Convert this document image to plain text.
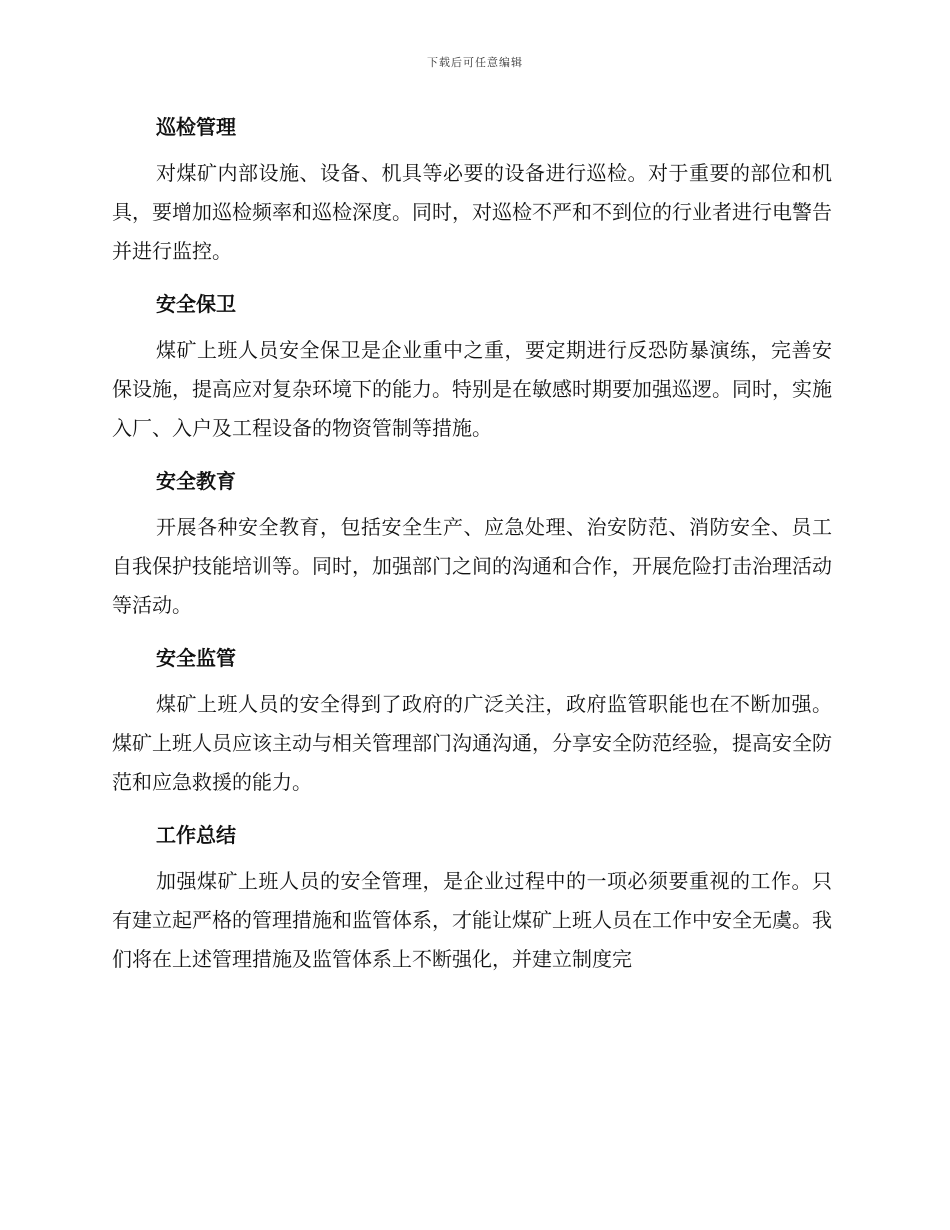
下载后可任意编辑
巡检管理

对煤矿内部设施、设备、机具等必要的设备进行巡检。对于重要的部位和机具，要增加巡检频率和巡检深度。同时，对巡检不严和不到位的行业者进行电警告并进行监控。

安全保卫

煤矿上班人员安全保卫是企业重中之重，要定期进行反恐防暴演练，完善安保设施，提高应对复杂环境下的能力。特别是在敏感时期要加强巡逻。同时，实施入厂、入户及工程设备的物资管制等措施。

安全教育

开展各种安全教育，包括安全生产、应急处理、治安防范、消防安全、员工自我保护技能培训等。同时，加强部门之间的沟通和合作，开展危险打击治理活动等活动。

安全监管

煤矿上班人员的安全得到了政府的广泛关注，政府监管职能也在不断加强。煤矿上班人员应该主动与相关管理部门沟通沟通，分享安全防范经验，提高安全防范和应急救援的能力。

工作总结

加强煤矿上班人员的安全管理，是企业过程中的一项必须要重视的工作。只有建立起严格的管理措施和监管体系，才能让煤矿上班人员在工作中安全无虞。我们将在上述管理措施及监管体系上不断强化，并建立制度完
